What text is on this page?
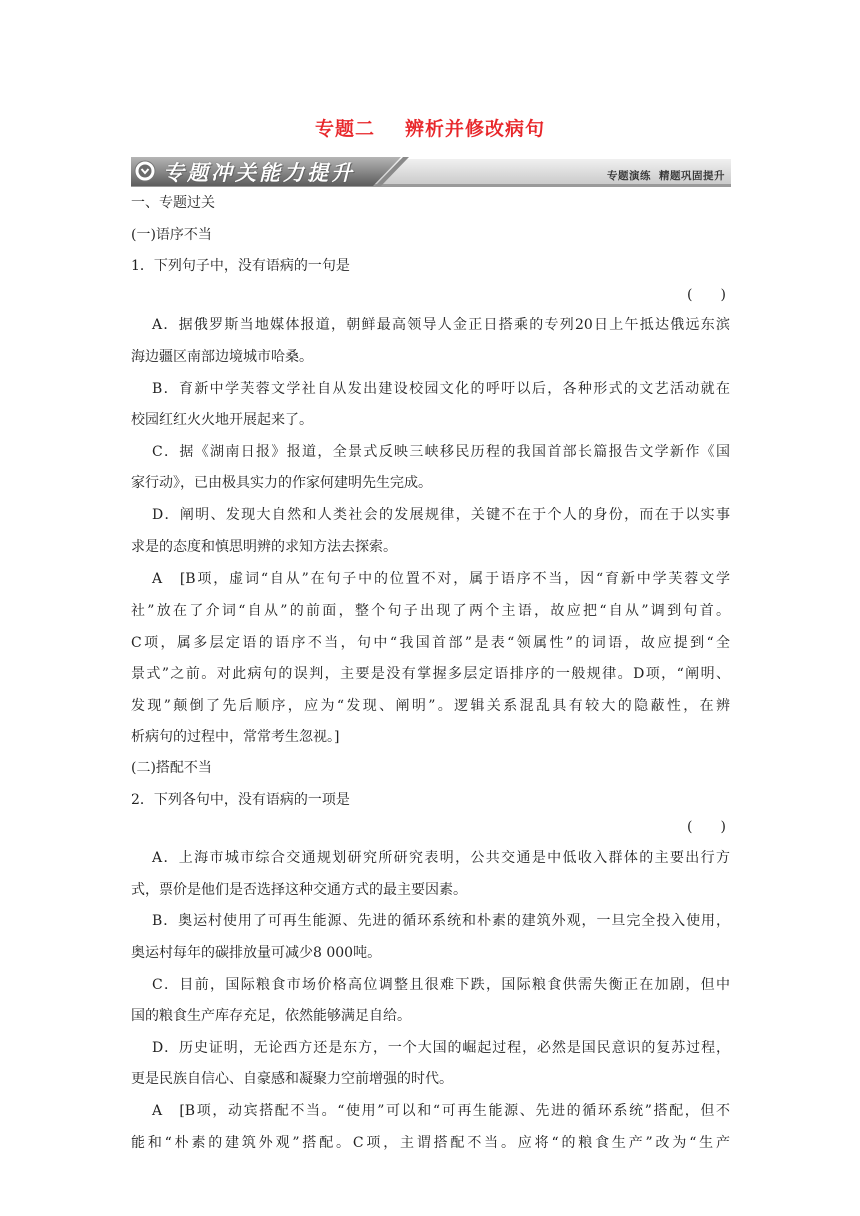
专题二 辨析并修改病句
专题冲关能力提升	专题演练 精题巩固提升
一、专题过关
(一)语序不当
1．下列句子中，没有语病的一句是
(　　)
A．据俄罗斯当地媒体报道，朝鲜最高领导人金正日搭乘的专列20日上午抵达俄远东滨
海边疆区南部边境城市哈桑。
B．育新中学芙蓉文学社自从发出建设校园文化的呼吁以后，各种形式的文艺活动就在
校园红红火火地开展起来了。
C．据《湖南日报》报道，全景式反映三峡移民历程的我国首部长篇报告文学新作《国
家行动》，已由极具实力的作家何建明先生完成。
D．阐明、发现大自然和人类社会的发展规律，关键不在于个人的身份，而在于以实事
求是的态度和慎思明辨的求知方法去探索。
A　[B项，虚词“自从”在句子中的位置不对，属于语序不当，因“育新中学芙蓉文学
社”放在了介词“自从”的前面，整个句子出现了两个主语，故应把“自从”调到句首。
C项，属多层定语的语序不当，句中“我国首部”是表“领属性”的词语，故应提到“全
景式”之前。对此病句的误判，主要是没有掌握多层定语排序的一般规律。D项，“阐明、
发现”颠倒了先后顺序，应为“发现、阐明”。逻辑关系混乱具有较大的隐蔽性，在辨
析病句的过程中，常常考生忽视。]
(二)搭配不当
2．下列各句中，没有语病的一项是
(　　)
A．上海市城市综合交通规划研究所研究表明，公共交通是中低收入群体的主要出行方
式，票价是他们是否选择这种交通方式的最主要因素。
B．奥运村使用了可再生能源、先进的循环系统和朴素的建筑外观，一旦完全投入使用，
奥运村每年的碳排放量可减少8 000吨。
C．目前，国际粮食市场价格高位调整且很难下跌，国际粮食供需失衡正在加剧，但中
国的粮食生产库存充足，依然能够满足自给。
D．历史证明，无论西方还是东方，一个大国的崛起过程，必然是国民意识的复苏过程，
更是民族自信心、自豪感和凝聚力空前增强的时代。
A　[B项，动宾搭配不当。“使用”可以和“可再生能源、先进的循环系统”搭配，但不
能和“朴素的建筑外观”搭配。C项，主谓搭配不当。应将“的粮食生产”改为“生产
